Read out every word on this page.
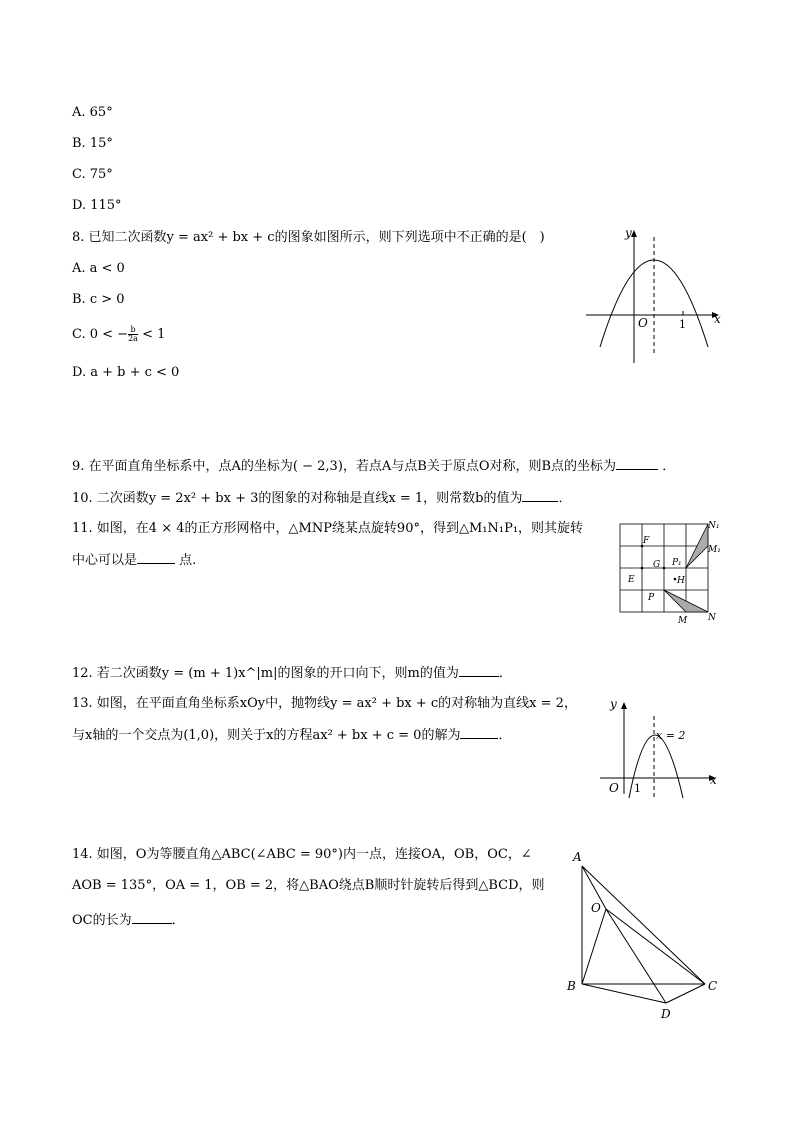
A. 65°
B. 15°
C. 75°
D. 115°
8. 已知二次函数y = ax² + bx + c的图象如图所示，则下列选项中不正确的是(　)
A. a < 0
B. c > 0
C. 0 < − $\frac{b}{2a} < 1$
D. a + b + c < 0
y
x
O	1
9. 在平面直角坐标系中，点A的坐标为( − 2,3)，若点A与点B关于原点O对称，则B点的坐标为	．
10. 二次函数y = 2x² + bx + 3的图象的对称轴是直线x = 1，则常数b的值为	．
11. 如图，在4 × 4的正方形网格中，△MNP绕某点旋转90°，得到△M₁N₁P₁，则其旋转
中心可以是	点.
F
G P₁
H
E
P
M N
N₁
M₁
12. 若二次函数y = (m + 1)x^|m|的图象的开口向下，则m的值为	．
13. 如图，在平面直角坐标系xOy中，抛物线y = ax² + bx + c的对称轴为直线x = 2，
与x轴的一个交点为(1,0)，则关于x的方程ax² + bx + c = 0的解为	．
y
x
O 1
x = 2
14. 如图，O为等腰直角△ABC(∠ABC = 90°)内一点，连接OA，OB，OC，∠
AOB = 135°，OA = 1，OB = 2，将△BAO绕点B顺时针旋转后得到△BCD，则
OC的长为	．
A
O
B	C
D
